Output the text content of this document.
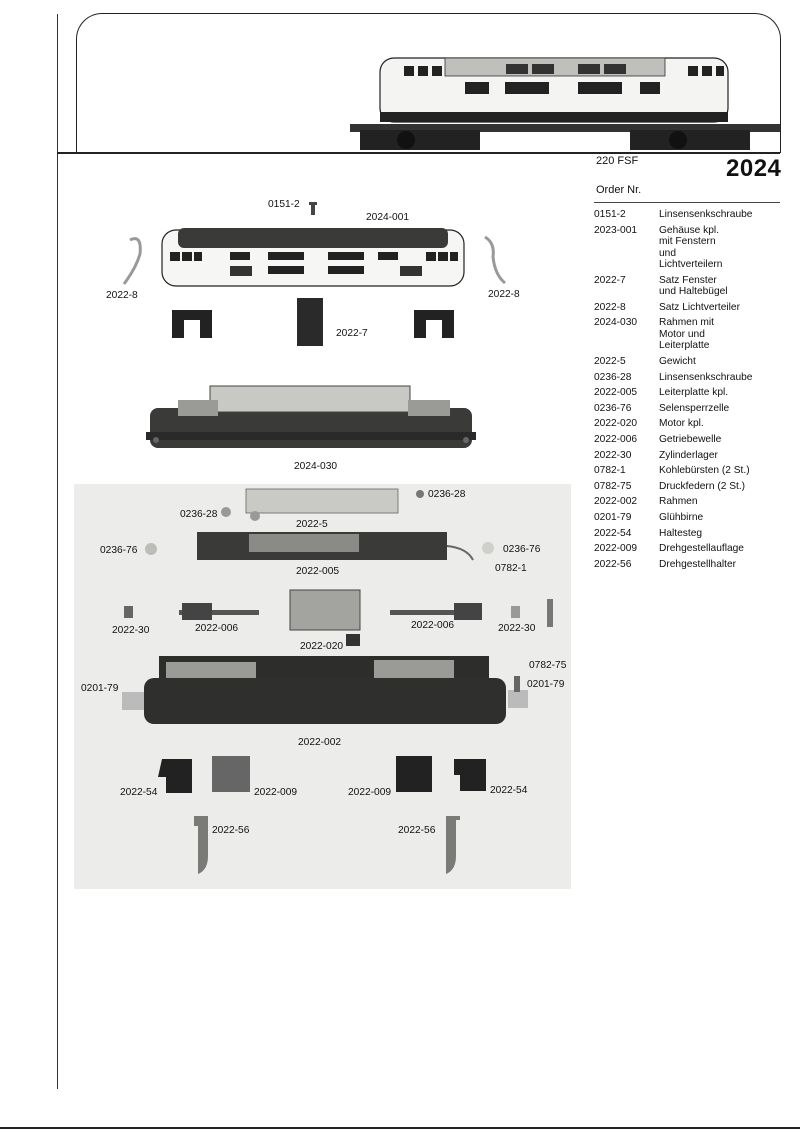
220 FSF	2024
Order Nr.
0151-2	Linsensenkschraube
2023-001	Gehäuse kpl. mit Fenstern und Lichtverteilern
2022-7	Satz Fenster und Haltebügel
2022-8	Satz Lichtverteiler
2024-030	Rahmen mit Motor und Leiterplatte
2022-5	Gewicht
0236-28	Linsensenkschraube
2022-005	Leiterplatte kpl.
0236-76	Selensperrzelle
2022-020	Motor kpl.
2022-006	Getriebewelle
2022-30	Zylinderlager
0782-1	Kohlebürsten (2 St.)
0782-75	Druckfedern (2 St.)
2022-002	Rahmen
0201-79	Glühbirne
2022-54	Haltesteg
2022-009	Drehgestellauflage
2022-56	Drehgestellhalter
0151-2
2024-001
2022-8	2022-8
2022-7
2024-030
0236-28
0236-28
2022-5
0236-76	0236-76
2022-005	0782-1
2022-30	2022-006
2022-020
2022-006	2022-30
0782-75
0201-79	0201-79
2022-002
2022-54	2022-009	2022-009	2022-54
2022-56	2022-56
